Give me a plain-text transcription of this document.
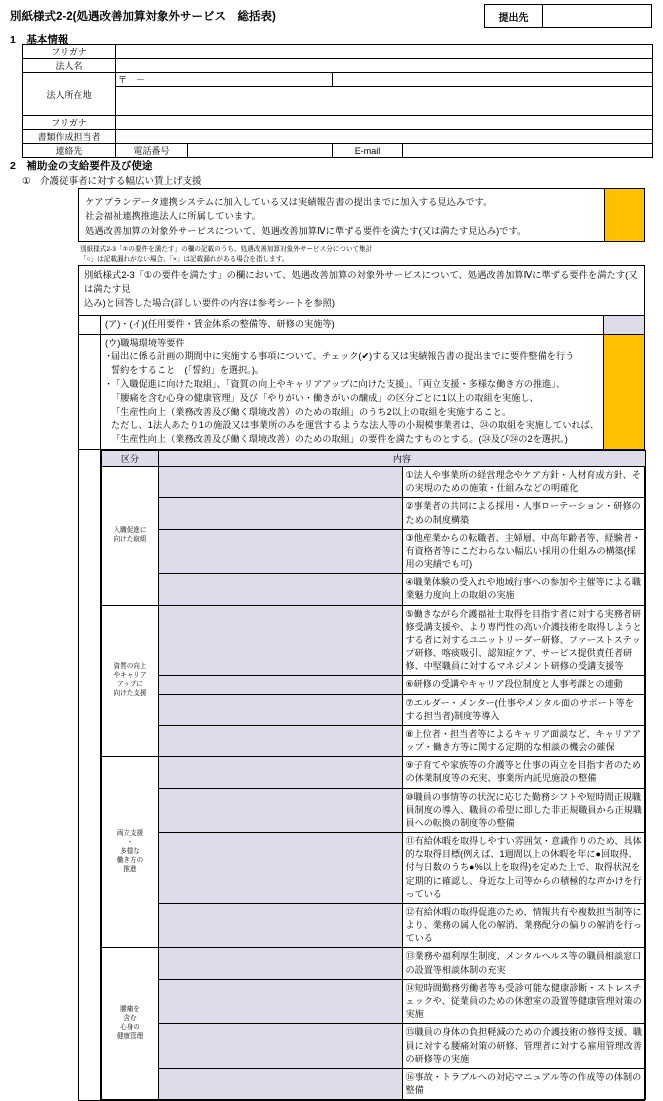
別紙様式2-2(処遇改善加算対象外サービス　総括表)	提出先
1　基本情報
フリガナ				
法人名				
法人所在地	〒　－			

フリガナ				
書類作成担当者				
連絡先	電話番号		E-mail	
2　補助金の支給要件及び使途
①　介護従事者に対する幅広い賃上げ支援
ケアプランデータ連携システムに加入している又は実績報告書の提出までに加入する見込みです。
社会福祉連携推進法人に所属しています。
処遇改善加算の対象外サービスについて、処遇改善加算Ⅳに準ずる要件を満たす(又は満たす見込み)です。
別紙様式2-3「①の要件を満たす」の欄の記載のうち、処遇改善加算対象外サービス分について集計
「○」は記載漏れがない場合、「×」は記載漏れがある場合を指します。
別紙様式2-3「①の要件を満たす」の欄において、処遇改善加算の対象外サービスについて、処遇改善加算Ⅳに準ずる要件を満たす(又は満たす見
込み)と回答した場合(詳しい要件の内容は参考シートを参照)
(ア)・(イ)(任用要件・賃金体系の整備等、研修の実施等)
(ウ)職場環境等要件
・ 届出に係る計画の期間中に実施する事項について、チェック(✔)する又は実績報告書の提出までに要件整備を行う
誓約をすること　(「誓約」を選択。)。
・ 「入職促進に向けた取組」、「資質の向上やキャリアアップに向けた支援」、「両立支援・多様な働き方の推進」、
「腰痛を含む心身の健康管理」及び「やりがい・働きがいの醸成」の区分ごとに1以上の取組を実施し、
「生産性向上（業務改善及び働く環境改善）のための取組」のうち2以上の取組を実施すること。
ただし、1法人あたり1の施設又は事業所のみを運営するような法人等の小規模事業者は、㉔の取組を実施していれば、
「生産性向上（業務改善及び働く環境改善）のための取組」の要件を満たすものとする。(㉔及び㉔の2を選択。)
区分	内容	

入職促進に
向けた取組		①法人や事業所の経営理念やケア方針・人材育成方針、その実現のための施策・仕組みなどの明確化
		②事業者の共同による採用・人事ローテーション・研修のための制度構築
		③他産業からの転職者、主婦層、中高年齢者等、経験者・有資格者等にこだわらない幅広い採用の仕組みの構築(採用の実績でも可)
		④職業体験の受入れや地域行事への参加や主催等による職業魅力度向上の取組の実施

資質の向上
やキャリア
アップに
向けた支援		⑤働きながら介護福祉士取得を目指す者に対する実務者研修受講支援や、より専門性の高い介護技術を取得しようとする者に対するユニットリーダー研修、ファーストステップ研修、喀痰吸引、認知症ケア、サービス提供責任者研修、中堅職員に対するマネジメント研修の受講支援等
		⑥研修の受講やキャリア段位制度と人事考課との連動
		⑦エルダー・メンター(仕事やメンタル面のサポート等をする担当者)制度等導入
		⑧上位者・担当者等によるキャリア面談など、キャリアアップ・働き方等に関する定期的な相談の機会の確保

両立支援
・
多様な
働き方の
推進		⑨子育てや家族等の介護等と仕事の両立を目指す者のための休業制度等の充実、事業所内託児施設の整備
		⑩職員の事情等の状況に応じた勤務シフトや短時間正規職員制度の導入、職員の希望に即した非正規職員から正規職員への転換の制度等の整備
		⑪有給休暇を取得しやすい雰囲気・意識作りのため、具体的な取得目標(例えば、1週間以上の休暇を年に●回取得、付与日数のうち●%以上を取得)を定めた上で、取得状況を定期的に確認し、身近な上司等からの積極的な声かけを行っている
		⑫有給休暇の取得促進のため、情報共有や複数担当制等により、業務の属人化の解消、業務配分の偏りの解消を行っている

腰痛を
含む
心身の
健康管理		⑬業務や福利厚生制度、メンタルヘルス等の職員相談窓口の設置等相談体制の充実
		⑭短時間勤務労働者等も受診可能な健康診断・ストレスチェックや、従業員のための休憩室の設置等健康管理対策の実施
		⑮職員の身体の負担軽減のための介護技術の修得支援、職員に対する腰痛対策の研修、管理者に対する雇用管理改善の研修等の実施
		⑯事故・トラブルへの対応マニュアル等の作成等の体制の整備
